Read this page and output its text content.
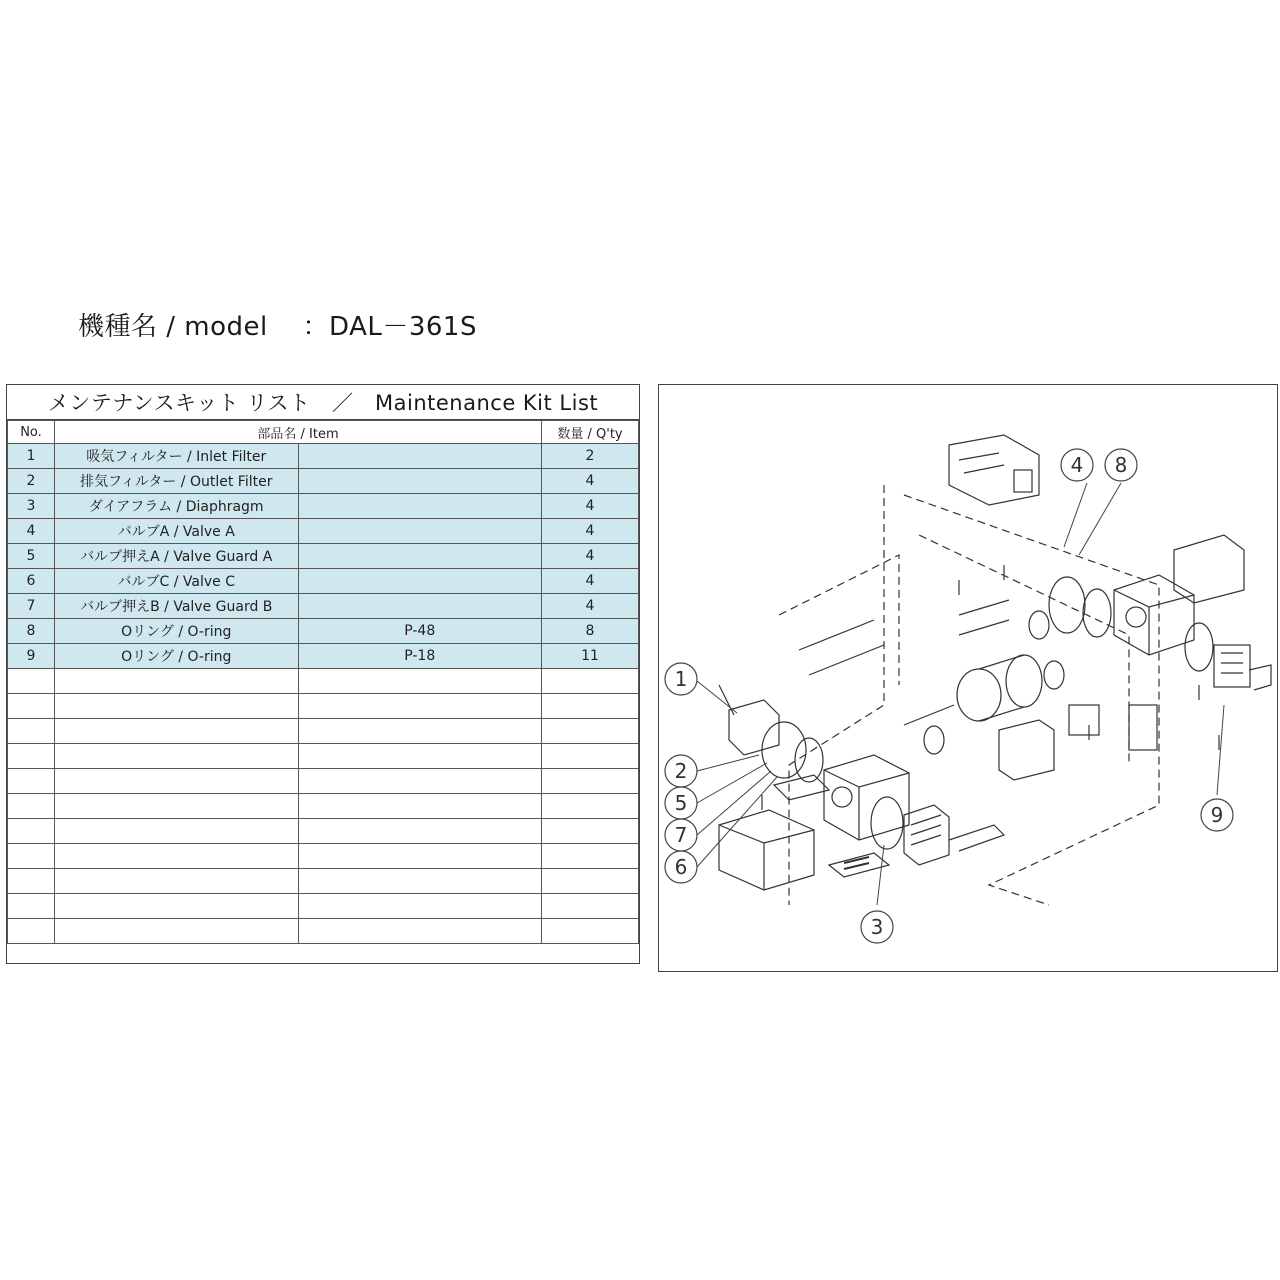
機種名 / model ：DAL－361S
メンテナンスキット リスト　／　Maintenance Kit List
No.	部品名 / Item		数量 / Q'ty
1	吸気フィルター / Inlet Filter		2
2	排気フィルター / Outlet Filter		4
3	ダイアフラム / Diaphragm		4
4	バルブA / Valve A		4
5	バルブ押えA / Valve Guard A		4
6	バルブC / Valve C		4
7	バルブ押えB / Valve Guard B		4
8	Oリング / O-ring	P-48	8
9	Oリング / O-ring	P-18	11

1
2
3
4
5
6
7
8
9
